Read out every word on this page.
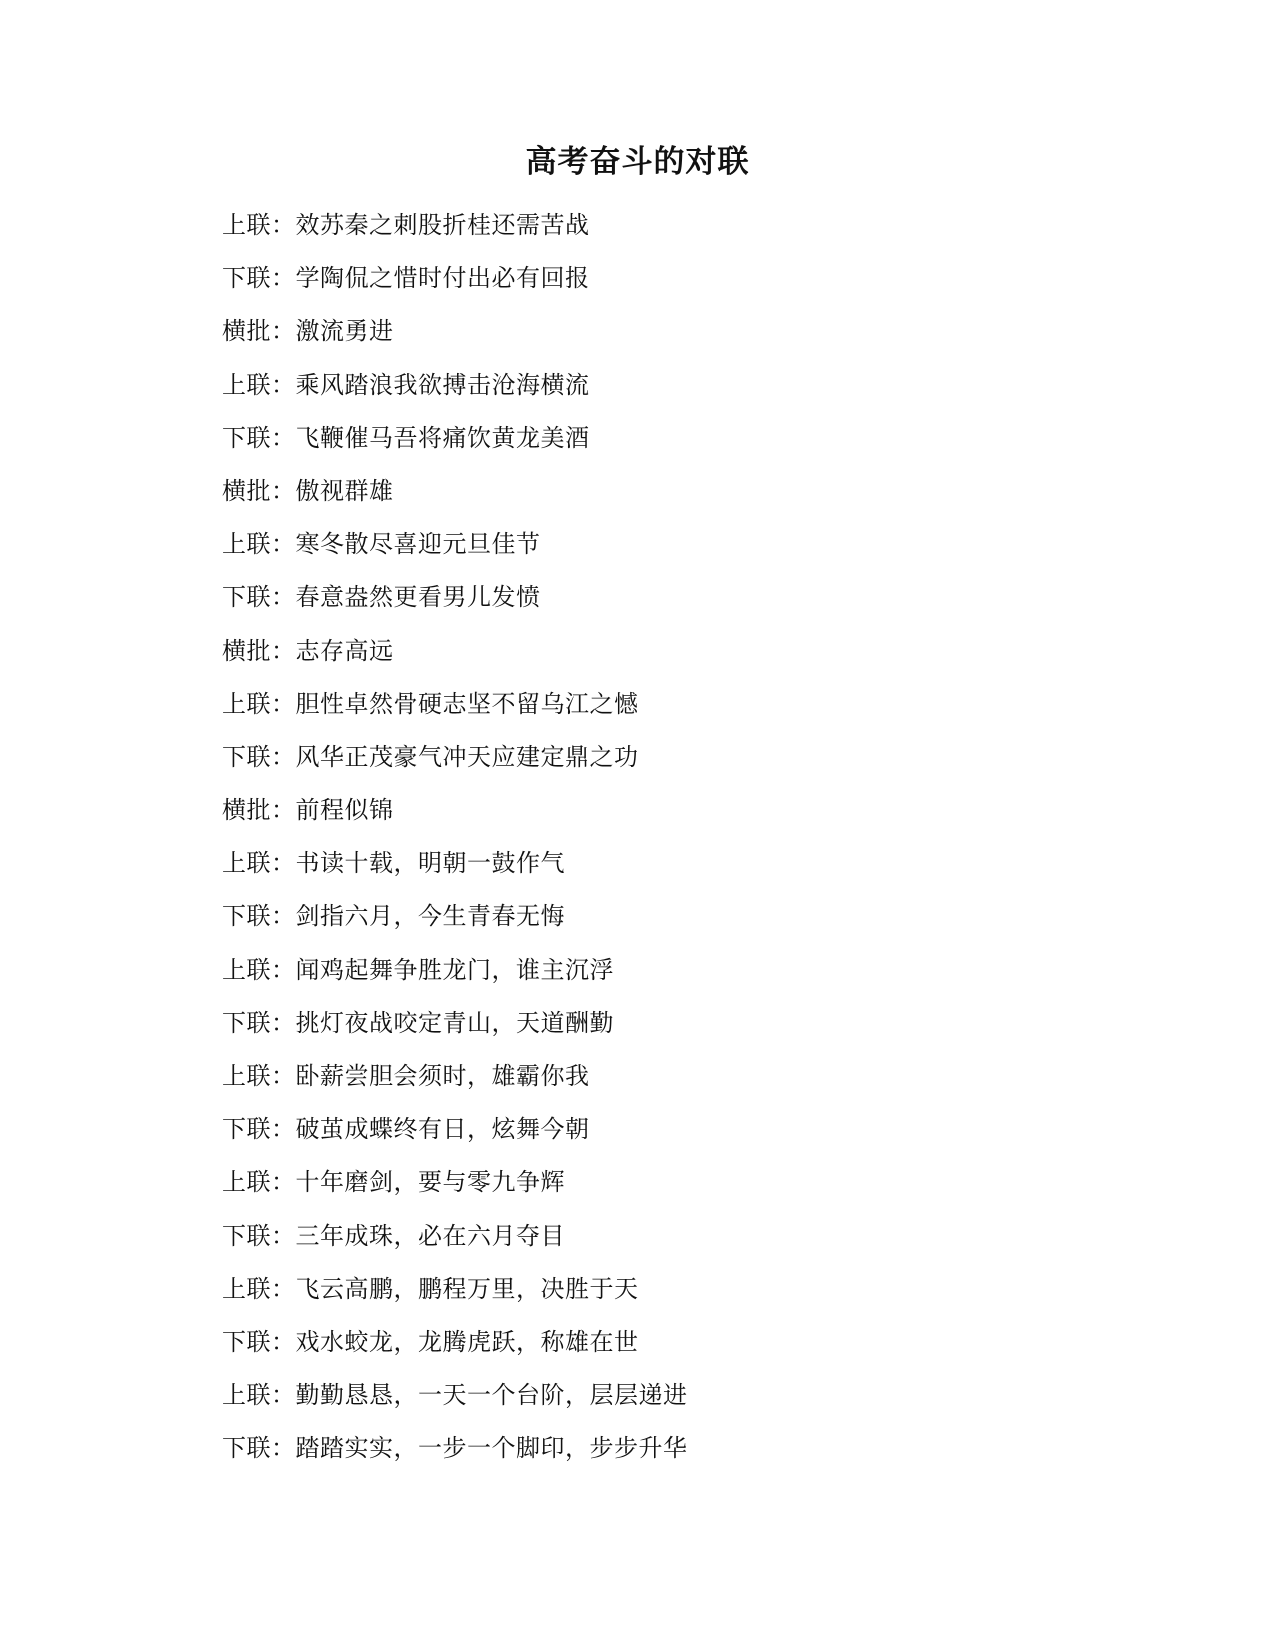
高考奋斗的对联
上联：效苏秦之刺股折桂还需苦战
下联：学陶侃之惜时付出必有回报
横批：激流勇进
上联：乘风踏浪我欲搏击沧海横流
下联：飞鞭催马吾将痛饮黄龙美酒
横批：傲视群雄
上联：寒冬散尽喜迎元旦佳节
下联：春意盎然更看男儿发愤
横批：志存高远
上联：胆性卓然骨硬志坚不留乌江之憾
下联：风华正茂豪气冲天应建定鼎之功
横批：前程似锦
上联：书读十载，明朝一鼓作气
下联：剑指六月，今生青春无悔
上联：闻鸡起舞争胜龙门，谁主沉浮
下联：挑灯夜战咬定青山，天道酬勤
上联：卧薪尝胆会须时，雄霸你我
下联：破茧成蝶终有日，炫舞今朝
上联：十年磨剑，要与零九争辉
下联：三年成珠，必在六月夺目
上联：飞云高鹏，鹏程万里，决胜于天
下联：戏水蛟龙，龙腾虎跃，称雄在世
上联：勤勤恳恳，一天一个台阶，层层递进
下联：踏踏实实，一步一个脚印，步步升华
